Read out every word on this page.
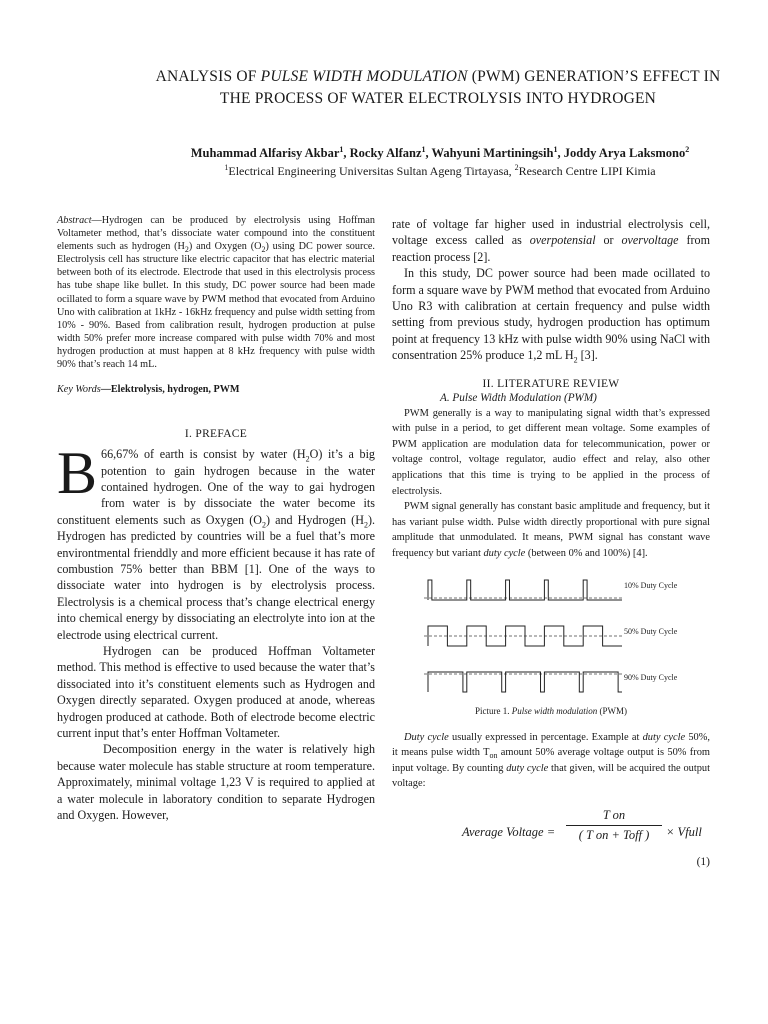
ANALYSIS OF PULSE WIDTH MODULATION (PWM) GENERATION’S EFFECT IN
THE PROCESS OF WATER ELECTROLYSIS INTO HYDROGEN
Muhammad Alfarisy Akbar$^1$, Rocky Alfanz$^1$, Wahyuni Martiningsih$^1$, Joddy Arya Laksmono$^2$
$^1$Electrical Engineering Universitas Sultan Ageng Tirtayasa, $^2$Research Centre LIPI Kimia
Abstract—Hydrogen can be produced by electrolysis using Hoffman Voltameter method, that’s dissociate water compound into the constituent elements such as hydrogen $(H_2)$ and Oxygen $(O_2)$ using DC power source. Electrolysis cell has structure like electric capacitor that has electric material between both of its electrode. Electrode that used in this electrolysis process has tube shape like bullet. In this study, DC power source had been made ocillated to form a square wave by PWM method that evocated from Arduino Uno with calibration at 1kHz - 16kHz frequency and pulse width setting from 10% - 90%. Based from calibration result, hydrogen production at pulse width 50% prefer more increase compared with pulse width 70% and most hydrogen production at must happen at 8 kHz frequency with pulse width 90% that’s reach 14 mL.
Key Words—Elektrolysis, hydrogen, PWM
I. PREFACE

B 66,67% of earth is consist by water $(H_2O)$ it’s a big potention to gain hydrogen because in the water contained hydrogen. One of the way to gai hydrogen from water is by dissociate the water become its constituent elements such as Oxygen $(O_2)$ and Hydrogen $(H_2)$. Hydrogen has predicted by countries will be a fuel that’s more environtmental frienddly and more efficient because it has rate of combustion 75% better than BBM [1]. One of the ways to dissociate water into hydrogen is by electrolysis process. Electrolysis is a chemical process that’s change electrical energy into chemical energy by dissociating an electrolyte into ion at the electrode using electrical current.

Hydrogen can be produced Hoffman Voltameter method. This method is effective to used because the water that’s dissociated into it’s constituent elements such as Hydrogen and Oxygen directly separated. Oxygen produced at anode, whereas hydrogen produced at cathode. Both of electrode become electric current input that’s enter Hoffman Voltameter.

Decomposition energy in the water is relatively high because water molecule has stable structure at room temperature. Approximately, minimal voltage 1,23 V is required to applied at a water molecule in laboratory condition to separate Hydrogen and Oxygen. However,

rate of voltage far higher used in industrial electrolysis cell, voltage excess called as overpotensial or overvoltage from reaction process [2].

In this study, DC power source had been made ocillated to form a square wave by PWM method that evocated from Arduino Uno R3 with calibration at certain frequency and pulse width setting from previous study, hydrogen production has optimum point at frequency 13 kHz with pulse width 90% using NaCl with consentration 25% produce 1,2 mL $H_2$ [3].

II. LITERATURE REVIEW
A. Pulse Width Modulation (PWM)

PWM generally is a way to manipulating signal width that’s expressed with pulse in a period, to get different mean voltage. Some examples of PWM application are modulation data for telecommunication, power or voltage control, voltage regulator, audio effect and relay, also other applications that this time is trying to be applied in the process of electrolysis.

PWM signal generally has constant basic amplitude and frequency, but it has variant pulse width. Pulse width directly proportional with pure signal amplitude that unmodulated. It means, PWM signal has constant wave frequency but variant duty cycle (between 0% and 100%) [4].

10% Duty Cycle
50% Duty Cycle
90% Duty Cycle
Picture 1. Pulse width modulation (PWM)

Duty cycle usually expressed in percentage. Example at duty cycle 50%, it means pulse width $T_{on}$ amount 50% average voltage output is 50% from input voltage. By counting duty cycle that given, will be acquired the output voltage:

Average Voltage =
T on
( T on + Toff )	× Vfull
(1)
